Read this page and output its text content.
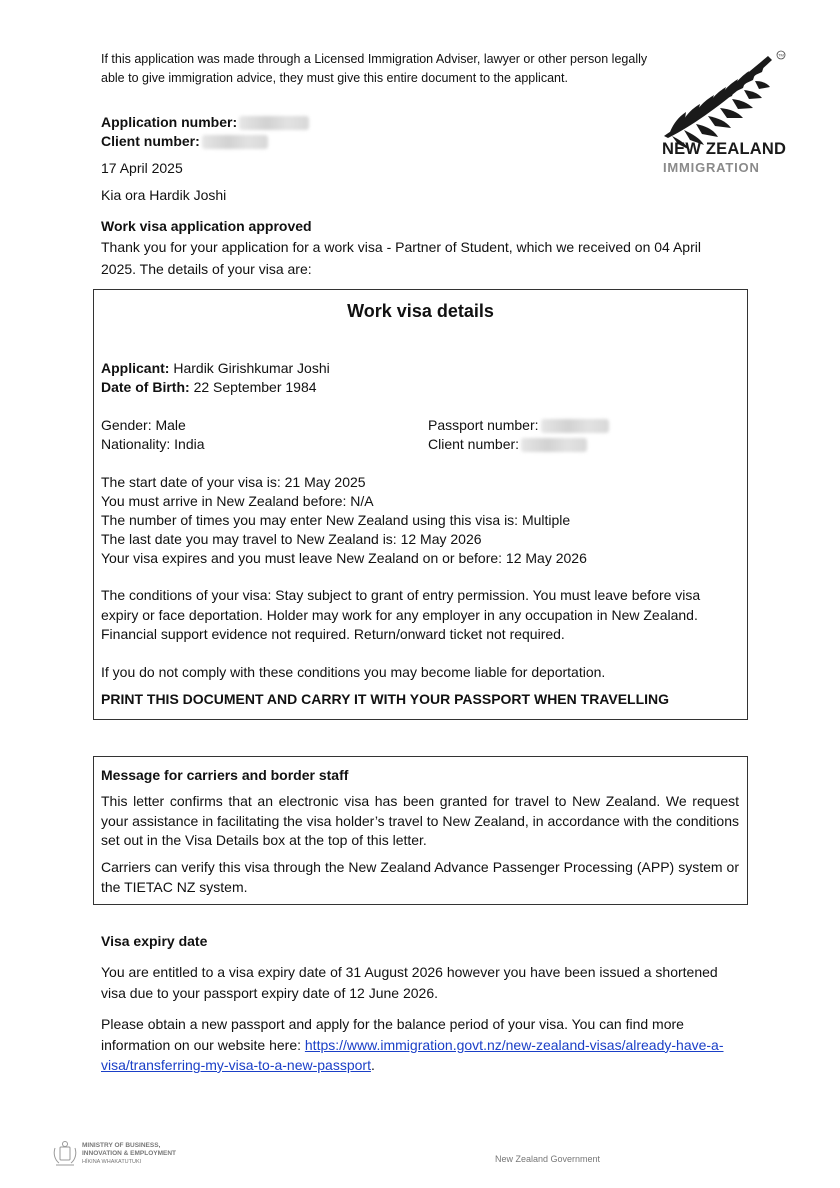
If this application was made through a Licensed Immigration Adviser, lawyer or other person legally able to give immigration advice, they must give this entire document to the applicant.

TM
NEW ZEALAND
IMMIGRATION
Application number:
Client number:

17 April 2025

Kia ora Hardik Joshi

Work visa application approved

Thank you for your application for a work visa - Partner of Student, which we received on 04 April 2025. The details of your visa are:

Work visa details
Applicant: Hardik Girishkumar Joshi
Date of Birth: 22 September 1984

Gender: Male

Nationality: India

Passport number:
Client number:

The start date of your visa is: 21 May 2025

You must arrive in New Zealand before: N/A

The number of times you may enter New Zealand using this visa is: Multiple

The last date you may travel to New Zealand is: 12 May 2026

Your visa expires and you must leave New Zealand on or before: 12 May 2026

The conditions of your visa: Stay subject to grant of entry permission. You must leave before visa expiry or face deportation. Holder may work for any employer in any occupation in New Zealand. Financial support evidence not required. Return/onward ticket not required.

If you do not comply with these conditions you may become liable for deportation.

PRINT THIS DOCUMENT AND CARRY IT WITH YOUR PASSPORT WHEN TRAVELLING

Message for carriers and border staff

This letter confirms that an electronic visa has been granted for travel to New Zealand. We request your assistance in facilitating the visa holder’s travel to New Zealand, in accordance with the conditions set out in the Visa Details box at the top of this letter.

Carriers can verify this visa through the New Zealand Advance Passenger Processing (APP) system or the TIETAC NZ system.

Visa expiry date

You are entitled to a visa expiry date of 31 August 2026 however you have been issued a shortened visa due to your passport expiry date of 12 June 2026.

Please obtain a new passport and apply for the balance period of your visa. You can find more information on our website here: https://www.immigration.govt.nz/new-zealand-visas/already-have-a-visa/transferring-my-visa-to-a-new-passport.

MINISTRY OF BUSINESS,
INNOVATION & EMPLOYMENT
HĪKINA WHAKATUTUKI	New Zealand Government
